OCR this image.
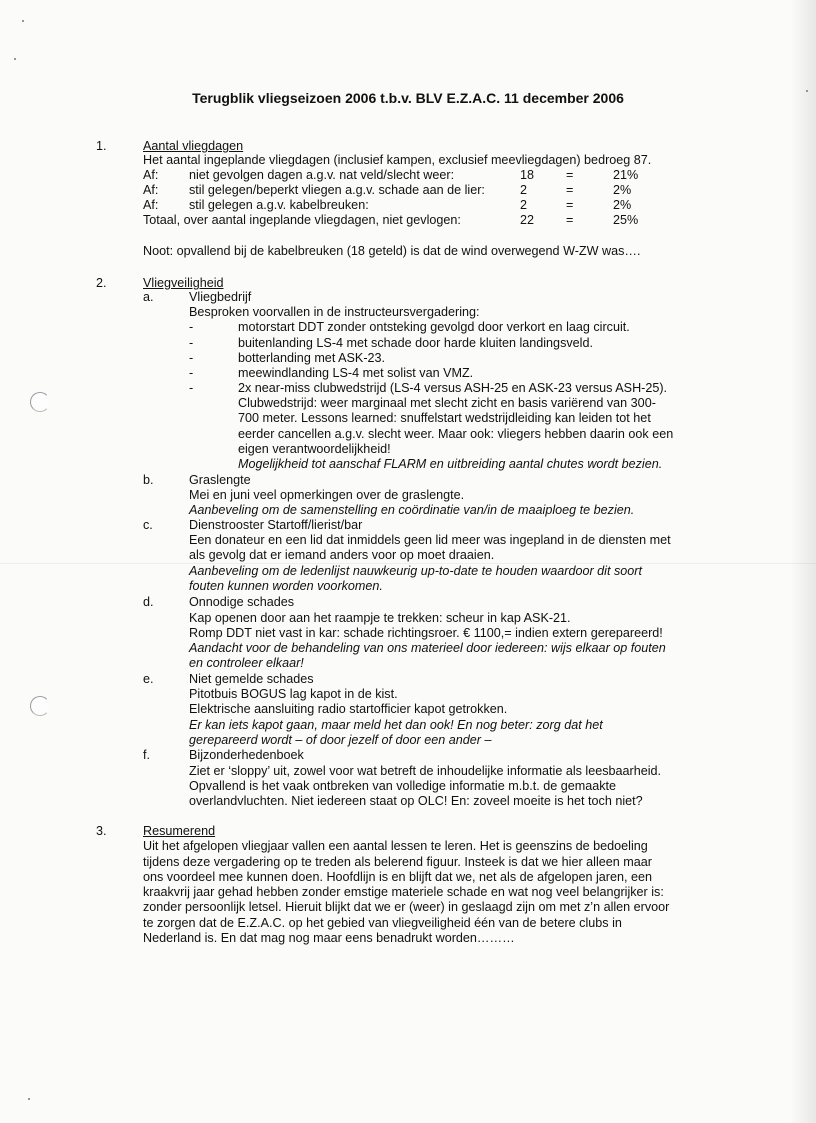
Terugblik vliegseizoen 2006 t.b.v. BLV E.Z.A.C. 11 december 2006
1.	Aantal vliegdagen
Het aantal ingeplande vliegdagen (inclusief kampen, exclusief meevliegdagen) bedroeg 87.
Af: niet gevolgen dagen a.g.v. nat veld/slecht weer:	18	=	21%
Af: stil gelegen/beperkt vliegen a.g.v. schade aan de lier:	2	=	2%
Af: stil gelegen a.g.v. kabelbreuken:	2	=	2%
Totaal, over aantal ingeplande vliegdagen, niet gevlogen:	22	=	25%
Noot: opvallend bij de kabelbreuken (18 geteld) is dat de wind overwegend W-ZW was….
2.	Vliegveiligheid
a.	Vliegbedrijf
Besproken voorvallen in de instructeursvergadering:
-	motorstart DDT zonder ontsteking gevolgd door verkort en laag circuit.
-	buitenlanding LS-4 met schade door harde kluiten landingsveld.
-	botterlanding met ASK-23.
-	meewindlanding LS-4 met solist van VMZ.
-	2x near-miss clubwedstrijd (LS-4 versus ASH-25 en ASK-23 versus ASH-25).
Clubwedstrijd: weer marginaal met slecht zicht en basis variërend van 300-
700 meter. Lessons learned: snuffelstart wedstrijdleiding kan leiden tot het
eerder cancellen a.g.v. slecht weer. Maar ook: vliegers hebben daarin ook een
eigen verantwoordelijkheid!
Mogelijkheid tot aanschaf FLARM en uitbreiding aantal chutes wordt bezien.
b.	Graslengte
Mei en juni veel opmerkingen over de graslengte.
Aanbeveling om de samenstelling en coördinatie van/in de maaiploeg te bezien.
c.	Dienstrooster Startoff/lierist/bar
Een donateur en een lid dat inmiddels geen lid meer was ingepland in de diensten met
als gevolg dat er iemand anders voor op moet draaien.
Aanbeveling om de ledenlijst nauwkeurig up-to-date te houden waardoor dit soort
fouten kunnen worden voorkomen.
d.	Onnodige schades
Kap openen door aan het raampje te trekken: scheur in kap ASK-21.
Romp DDT niet vast in kar: schade richtingsroer. € 1100,= indien extern gerepareerd!
Aandacht voor de behandeling van ons materieel door iedereen: wijs elkaar op fouten
en controleer elkaar!
e.	Niet gemelde schades
Pitotbuis BOGUS lag kapot in de kist.
Elektrische aansluiting radio startofficier kapot getrokken.
Er kan iets kapot gaan, maar meld het dan ook! En nog beter: zorg dat het
gerepareerd wordt – of door jezelf of door een ander –
f.	Bijzonderhedenboek
Ziet er ‘sloppy’ uit, zowel voor wat betreft de inhoudelijke informatie als leesbaarheid.
Opvallend is het vaak ontbreken van volledige informatie m.b.t. de gemaakte
overlandvluchten. Niet iedereen staat op OLC! En: zoveel moeite is het toch niet?
3.	Resumerend
Uit het afgelopen vliegjaar vallen een aantal lessen te leren. Het is geenszins de bedoeling
tijdens deze vergadering op te treden als belerend figuur. Insteek is dat we hier alleen maar
ons voordeel mee kunnen doen. Hoofdlijn is en blijft dat we, net als de afgelopen jaren, een
kraakvrij jaar gehad hebben zonder emstige materiele schade en wat nog veel belangrijker is:
zonder persoonlijk letsel. Hieruit blijkt dat we er (weer) in geslaagd zijn om met z’n allen ervoor
te zorgen dat de E.Z.A.C. op het gebied van vliegveiligheid één van de betere clubs in
Nederland is. En dat mag nog maar eens benadrukt worden………
